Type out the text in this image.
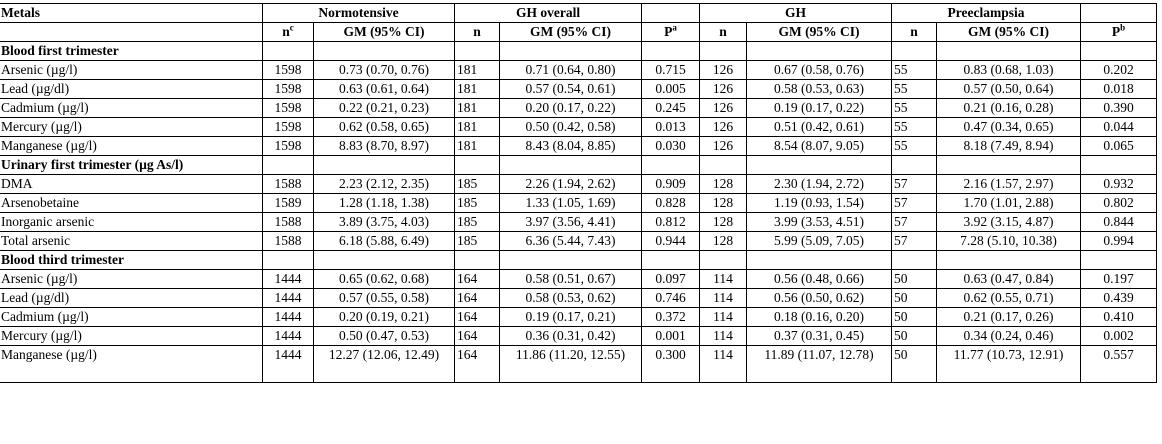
Metals	Normotensive		GH overall			GH		Preeclampsia		
	$n^c$	GM (95% CI)	n	GM (95% CI)	$P^a$	n	GM (95% CI)	n	GM (95% CI)	$P^b$
Blood first trimester										
Arsenic (µg/l)	1598	0.73 (0.70, 0.76)	181	0.71 (0.64, 0.80)	0.715	126	0.67 (0.58, 0.76)	55	0.83 (0.68, 1.03)	0.202
Lead (µg/dl)	1598	0.63 (0.61, 0.64)	181	0.57 (0.54, 0.61)	0.005	126	0.58 (0.53, 0.63)	55	0.57 (0.50, 0.64)	0.018
Cadmium (µg/l)	1598	0.22 (0.21, 0.23)	181	0.20 (0.17, 0.22)	0.245	126	0.19 (0.17, 0.22)	55	0.21 (0.16, 0.28)	0.390
Mercury (µg/l)	1598	0.62 (0.58, 0.65)	181	0.50 (0.42, 0.58)	0.013	126	0.51 (0.42, 0.61)	55	0.47 (0.34, 0.65)	0.044
Manganese (µg/l)	1598	8.83 (8.70, 8.97)	181	8.43 (8.04, 8.85)	0.030	126	8.54 (8.07, 9.05)	55	8.18 (7.49, 8.94)	0.065
Urinary first trimester (µg As/l)										
DMA	1588	2.23 (2.12, 2.35)	185	2.26 (1.94, 2.62)	0.909	128	2.30 (1.94, 2.72)	57	2.16 (1.57, 2.97)	0.932
Arsenobetaine	1589	1.28 (1.18, 1.38)	185	1.33 (1.05, 1.69)	0.828	128	1.19 (0.93, 1.54)	57	1.70 (1.01, 2.88)	0.802
Inorganic arsenic	1588	3.89 (3.75, 4.03)	185	3.97 (3.56, 4.41)	0.812	128	3.99 (3.53, 4.51)	57	3.92 (3.15, 4.87)	0.844
Total arsenic	1588	6.18 (5.88, 6.49)	185	6.36 (5.44, 7.43)	0.944	128	5.99 (5.09, 7.05)	57	7.28 (5.10, 10.38)	0.994
Blood third trimester										
Arsenic (µg/l)	1444	0.65 (0.62, 0.68)	164	0.58 (0.51, 0.67)	0.097	114	0.56 (0.48, 0.66)	50	0.63 (0.47, 0.84)	0.197
Lead (µg/dl)	1444	0.57 (0.55, 0.58)	164	0.58 (0.53, 0.62)	0.746	114	0.56 (0.50, 0.62)	50	0.62 (0.55, 0.71)	0.439
Cadmium (µg/l)	1444	0.20 (0.19, 0.21)	164	0.19 (0.17, 0.21)	0.372	114	0.18 (0.16, 0.20)	50	0.21 (0.17, 0.26)	0.410
Mercury (µg/l)	1444	0.50 (0.47, 0.53)	164	0.36 (0.31, 0.42)	0.001	114	0.37 (0.31, 0.45)	50	0.34 (0.24, 0.46)	0.002
Manganese (µg/l)	1444	12.27 (12.06, 12.49)	164	11.86 (11.20, 12.55)	0.300	114	11.89 (11.07, 12.78)	50	11.77 (10.73, 12.91)	0.557
